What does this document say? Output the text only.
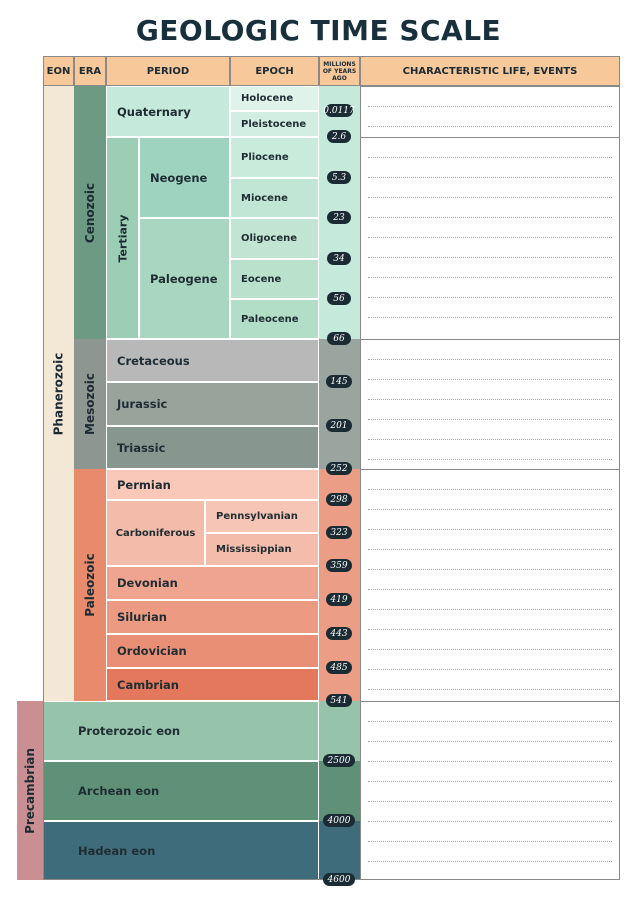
GEOLOGIC TIME SCALE
EON ERA	PERIOD	EPOCH
MILLIONS OF YEARS AGO
CHARACTERISTIC LIFE, EVENTS
Phanerozoic
Precambrian
Cenozoic
Mesozoic
Paleozoic
Quaternary
Tertiary
Neogene
Paleogene
Holocene
Pleistocene
Pliocene
Miocene
Oligocene
Eocene
Paleocene
Cretaceous
Jurassic
Triassic
Permian
Carboniferous
Pennsylvanian
Mississippian
Devonian
Silurian
Ordovician
Cambrian
Proterozoic eon
Archean eon
Hadean eon
0.0117
2.6
5.3
23
34
56
66
145
201
252
298
323
359
419
443
485
541
2500
4000
4600
